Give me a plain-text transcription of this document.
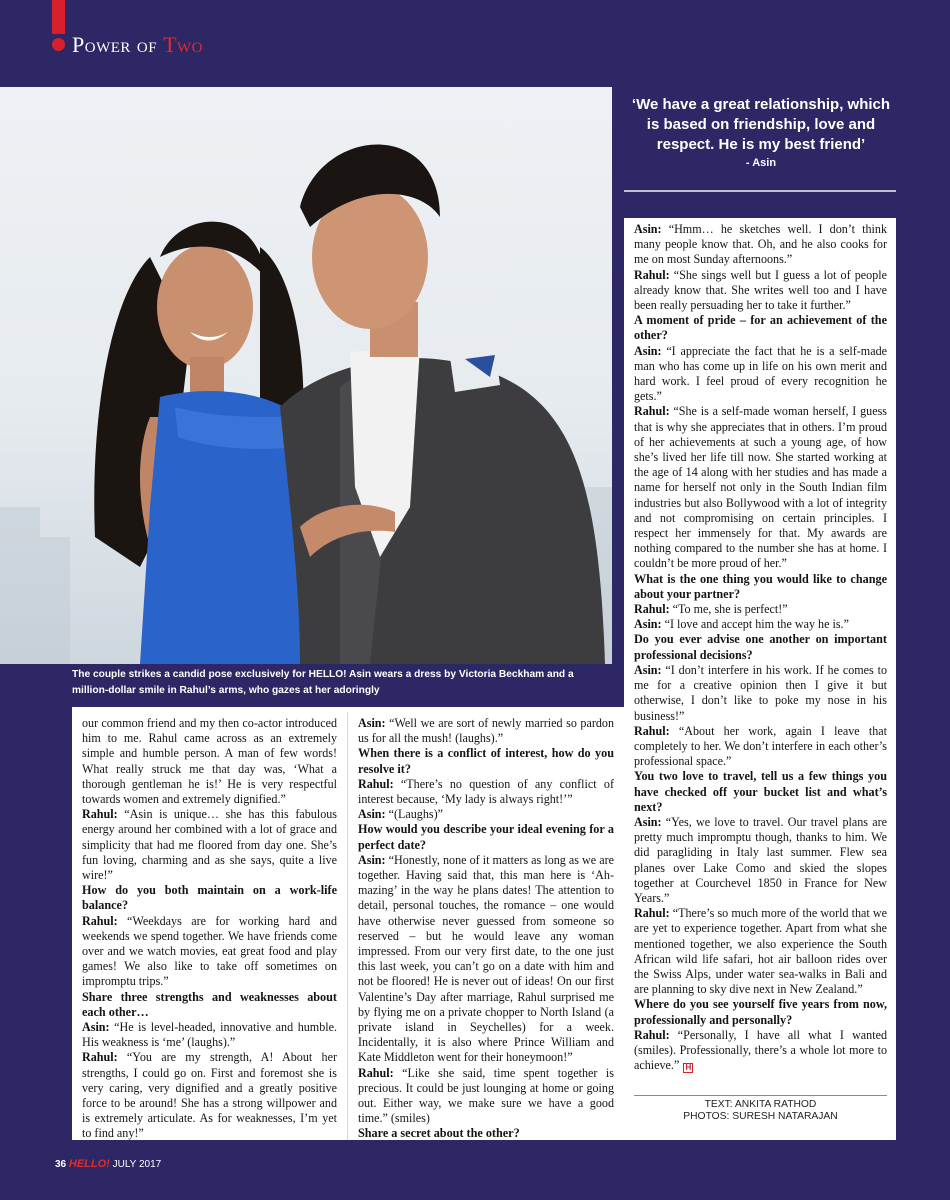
Power of Two
The couple strikes a candid pose exclusively for HELLO! Asin wears a dress by Victoria Beckham and a million-dollar smile in Rahul’s arms, who gazes at her adoringly
‘We have a great relationship, which is based on friendship, love and respect. He is my best friend’
- Asin

Asin: “Hmm… he sketches well. I don’t think many people know that. Oh, and he also cooks for me on most Sunday afternoons.”

Rahul: “She sings well but I guess a lot of people already know that. She writes well too and I have been really persuading her to take it further.”

A moment of pride – for an achievement of the other?

Asin: “I appreciate the fact that he is a self-made man who has come up in life on his own merit and hard work. I feel proud of every recognition he gets.”

Rahul: “She is a self-made woman herself, I guess that is why she appreciates that in others. I’m proud of her achievements at such a young age, of how she’s lived her life till now. She started working at the age of 14 along with her studies and has made a name for herself not only in the South Indian film industries but also Bollywood with a lot of integrity and not compromising on certain principles. I respect her immensely for that. My awards are nothing compared to the number she has at home. I couldn’t be more proud of her.”

What is the one thing you would like to change about your partner?

Rahul: “To me, she is perfect!”

Asin: “I love and accept him the way he is.”

Do you ever advise one another on important professional decisions?

Asin: “I don’t interfere in his work. If he comes to me for a creative opinion then I give it but otherwise, I don’t like to poke my nose in his business!”

Rahul: “About her work, again I leave that completely to her. We don’t interfere in each other’s professional space.”

You two love to travel, tell us a few things you have checked off your bucket list and what’s next?

Asin: “Yes, we love to travel. Our travel plans are pretty much impromptu though, thanks to him. We did paragliding in Italy last summer. Flew sea planes over Lake Como and skied the slopes together at Courchevel 1850 in France for New Years.”

Rahul: “There’s so much more of the world that we are yet to experience together. Apart from what she mentioned together, we also experience the South African wild life safari, hot air balloon rides over the Swiss Alps, under water sea-walks in Bali and are planning to sky dive next in New Zealand.”

Where do you see yourself five years from now, professionally and personally?

Rahul: “Personally, I have all what I wanted (smiles). Professionally, there’s a whole lot more to achieve.” H

TEXT: ANKITA RATHOD
PHOTOS: SURESH NATARAJAN

our common friend and my then co-actor introduced him to me. Rahul came across as an extremely simple and humble person. A man of few words! What really struck me that day was, ‘What a thorough gentleman he is!’ He is very respectful towards women and extremely dignified.”

Rahul: “Asin is unique… she has this fabulous energy around her combined with a lot of grace and simplicity that had me floored from day one. She’s fun loving, charming and as she says, quite a live wire!”

How do you both maintain on a work-life balance?

Rahul: “Weekdays are for working hard and weekends we spend together. We have friends come over and we watch movies, eat great food and play games! We also like to take off sometimes on impromptu trips.”

Share three strengths and weaknesses about each other…

Asin: “He is level-headed, innovative and humble. His weakness is ‘me’ (laughs).”

Rahul: “You are my strength, A! About her strengths, I could go on. First and foremost she is very caring, very dignified and a greatly positive force to be around! She has a strong willpower and is extremely articulate. As for weaknesses, I’m yet to find any!”

Asin: “Well we are sort of newly married so pardon us for all the mush! (laughs).”

When there is a conflict of interest, how do you resolve it?

Rahul: “There’s no question of any conflict of interest because, ‘My lady is always right!’”

Asin: “(Laughs)”

How would you describe your ideal evening for a perfect date?

Asin: “Honestly, none of it matters as long as we are together. Having said that, this man here is ‘Ah-mazing’ in the way he plans dates! The attention to detail, personal touches, the romance – one would have otherwise never guessed from someone so reserved – but he would leave any woman impressed. From our very first date, to the one just this last week, you can’t go on a date with him and not be floored! He is never out of ideas! On our first Valentine’s Day after marriage, Rahul surprised me by flying me on a private chopper to North Island (a private island in Seychelles) for a week. Incidentally, it is also where Prince William and Kate Middleton went for their honeymoon!”

Rahul: “Like she said, time spent together is precious. It could be just lounging at home or going out. Either way, we make sure we have a good time.” (smiles)

Share a secret about the other?

36 HELLO! JULY 2017
